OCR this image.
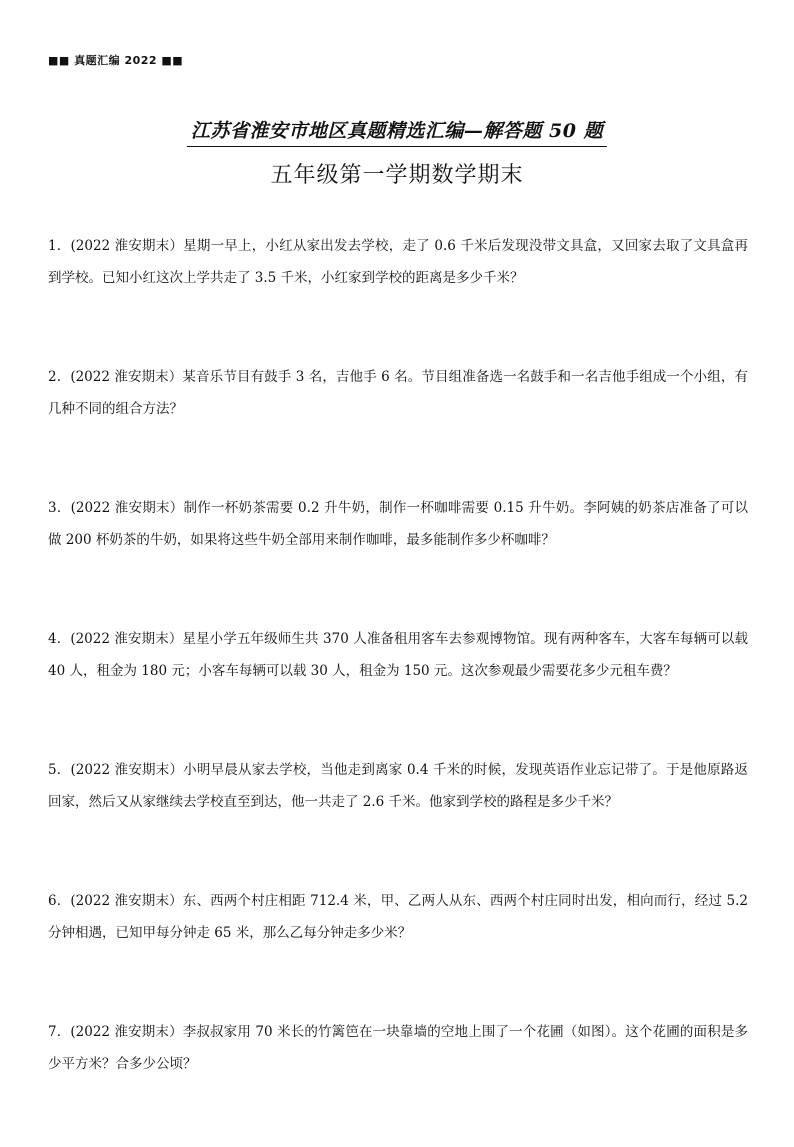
■■ 真题汇编 2022 ■■
江苏省淮安市地区真题精选汇编—解答题 50 题
五年级第一学期数学期末

1．(2022 淮安期末）星期一早上，小红从家出发去学校，走了 0.6 千米后发现没带文具盒，又回家去取了文具盒再到学校。已知小红这次上学共走了 3.5 千米，小红家到学校的距离是多少千米？

2．(2022 淮安期末）某音乐节目有鼓手 3 名，吉他手 6 名。节目组准备选一名鼓手和一名吉他手组成一个小组，有几种不同的组合方法？

3．(2022 淮安期末）制作一杯奶茶需要 0.2 升牛奶，制作一杯咖啡需要 0.15 升牛奶。李阿姨的奶茶店准备了可以做 200 杯奶茶的牛奶，如果将这些牛奶全部用来制作咖啡，最多能制作多少杯咖啡？

4．(2022 淮安期末）星星小学五年级师生共 370 人准备租用客车去参观博物馆。现有两种客车，大客车每辆可以载 40 人，租金为 180 元；小客车每辆可以载 30 人，租金为 150 元。这次参观最少需要花多少元租车费？

5．(2022 淮安期末）小明早晨从家去学校，当他走到离家 0.4 千米的时候，发现英语作业忘记带了。于是他原路返回家，然后又从家继续去学校直至到达，他一共走了 2.6 千米。他家到学校的路程是多少千米？

6．(2022 淮安期末）东、西两个村庄相距 712.4 米，甲、乙两人从东、西两个村庄同时出发，相向而行，经过 5.2 分钟相遇，已知甲每分钟走 65 米，那么乙每分钟走多少米？

7．(2022 淮安期末）李叔叔家用 70 米长的竹篱笆在一块靠墙的空地上围了一个花圃（如图）。这个花圃的面积是多少平方米？合多少公顷？
